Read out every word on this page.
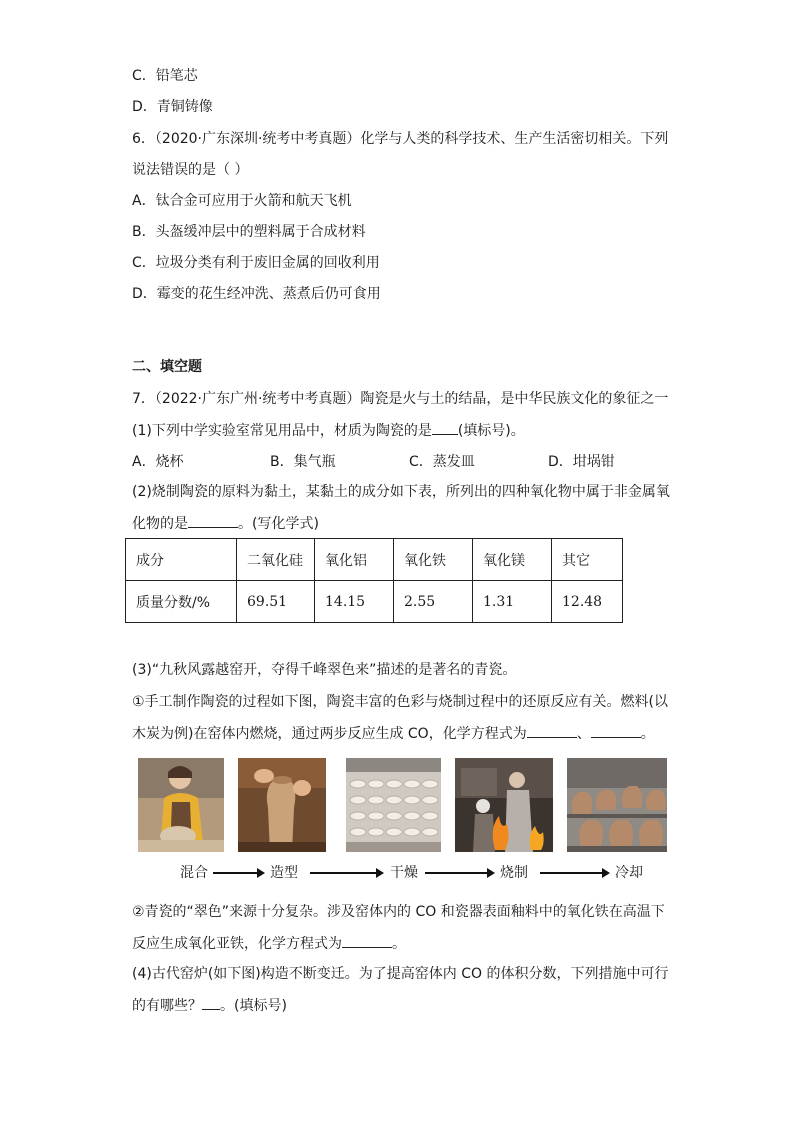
C．铅笔芯
D．青铜铸像
6．（2020·广东深圳·统考中考真题）化学与人类的科学技术、生产生活密切相关。下列
说法错误的是（ ）
A．钛合金可应用于火箭和航天飞机
B．头盔缓冲层中的塑料属于合成材料
C．垃圾分类有利于废旧金属的回收利用
D．霉变的花生经冲洗、蒸煮后仍可食用
二、填空题
7．（2022·广东广州·统考中考真题）陶瓷是火与土的结晶，是中华民族文化的象征之一
(1)下列中学实验室常见用品中，材质为陶瓷的是 (填标号)。
A．烧杯	B．集气瓶	C．蒸发皿	D．坩埚钳
(2)烧制陶瓷的原料为黏土，某黏土的成分如下表，所列出的四种氧化物中属于非金属氧
化物的是	。(写化学式)
成分	二氧化硅	氧化铝	氧化铁	氧化镁	其它
质量分数/%	69.51	14.15	2.55	1.31	12.48
(3)“九秋风露越窑开，夺得千峰翠色来”描述的是著名的青瓷。
①手工制作陶瓷的过程如下图，陶瓷丰富的色彩与烧制过程中的还原反应有关。燃料(以
木炭为例)在窑体内燃烧，通过两步反应生成 CO，化学方程式为	、	。
混合	造型	干燥	烧制	冷却
②青瓷的“翠色”来源十分复杂。涉及窑体内的 CO 和瓷器表面釉料中的氧化铁在高温下
反应生成氧化亚铁，化学方程式为	。
(4)古代窑炉(如下图)构造不断变迁。为了提高窑体内 CO 的体积分数，下列措施中可行
的有哪些？ 。(填标号)
